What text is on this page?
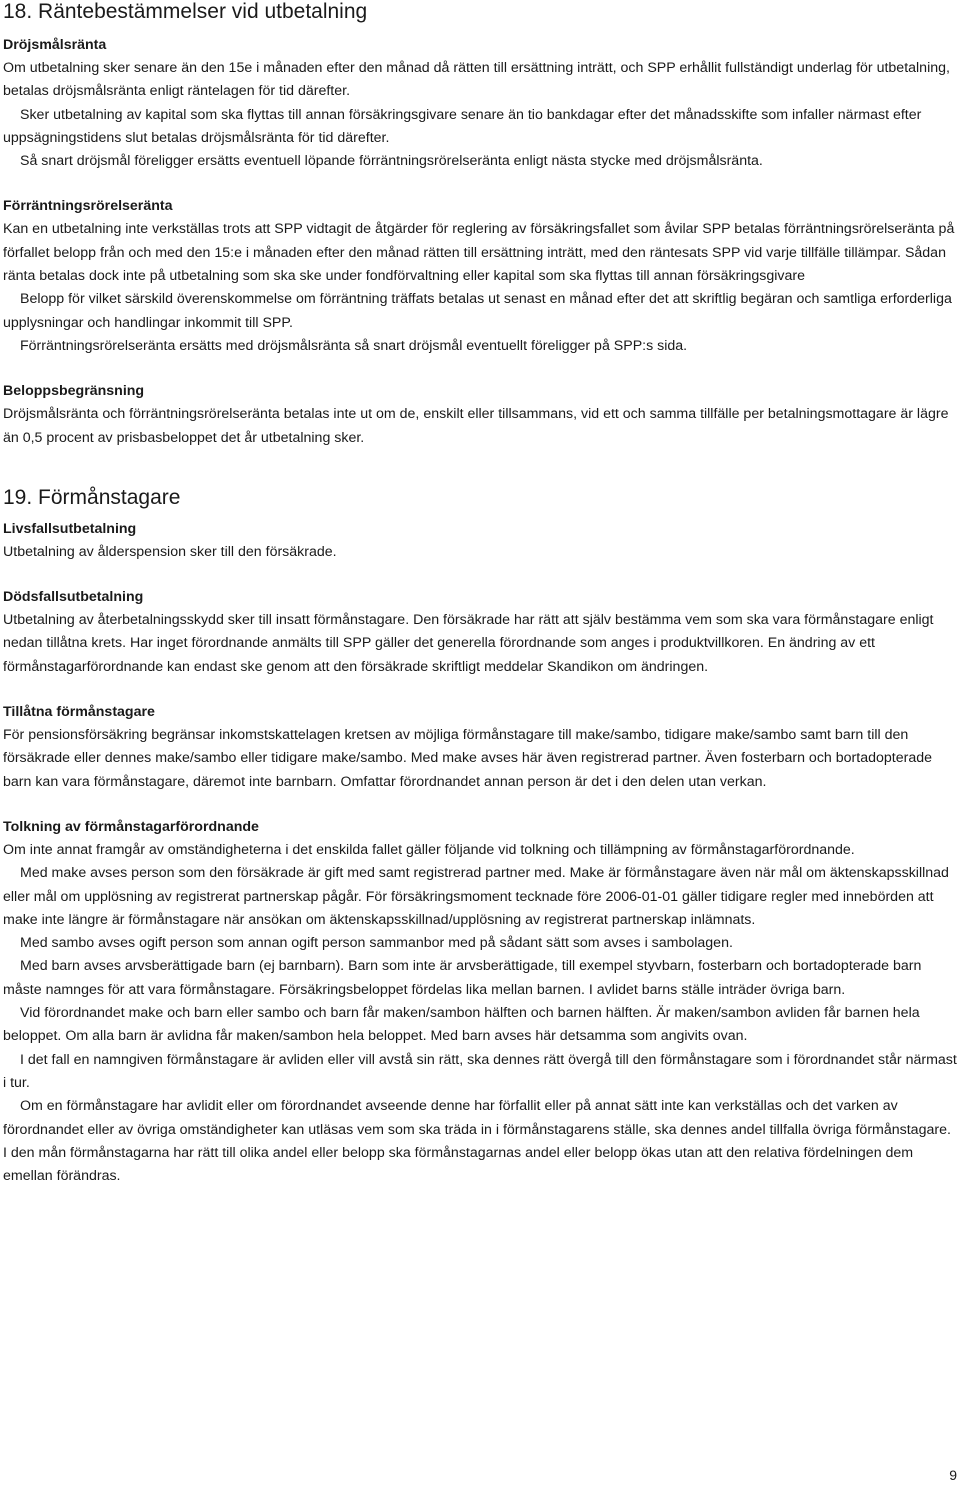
18. Räntebestämmelser vid utbetalning
Dröjsmålsränta

Om utbetalning sker senare än den 15e i månaden efter den månad då rätten till ersättning inträtt, och SPP erhållit fullständigt underlag för utbetalning, betalas dröjsmålsränta enligt räntelagen för tid därefter.

Sker utbetalning av kapital som ska flyttas till annan försäkringsgivare senare än tio bankdagar efter det månadsskifte som infaller närmast efter uppsägningstidens slut betalas dröjsmålsränta för tid därefter.

Så snart dröjsmål föreligger ersätts eventuell löpande förräntningsrörelseränta enligt nästa stycke med dröjsmålsränta.

Förräntningsrörelseränta

Kan en utbetalning inte verkställas trots att SPP vidtagit de åtgärder för reglering av försäkringsfallet som åvilar SPP betalas förräntningsrörelseränta på förfallet belopp från och med den 15:e i månaden efter den månad rätten till ersättning inträtt, med den räntesats SPP vid varje tillfälle tillämpar. Sådan ränta betalas dock inte på utbetalning som ska ske under fondförvaltning eller kapital som ska flyttas till annan försäkringsgivare

Belopp för vilket särskild överenskommelse om förräntning träffats betalas ut senast en månad efter det att skriftlig begäran och samtliga erforderliga upplysningar och handlingar inkommit till SPP.

Förräntningsrörelseränta ersätts med dröjsmålsränta så snart dröjsmål eventuellt föreligger på SPP:s sida.

Beloppsbegränsning

Dröjsmålsränta och förräntningsrörelseränta betalas inte ut om de, enskilt eller tillsammans, vid ett och samma tillfälle per betalningsmottagare är lägre än 0,5 procent av prisbasbeloppet det år utbetalning sker.

19. Förmånstagare
Livsfallsutbetalning

Utbetalning av ålderspension sker till den försäkrade.

Dödsfallsutbetalning

Utbetalning av återbetalningsskydd sker till insatt förmånstagare. Den försäkrade har rätt att själv bestämma vem som ska vara förmånstagare enligt nedan tillåtna krets. Har inget förordnande anmälts till SPP gäller det generella förordnande som anges i produktvillkoren. En ändring av ett förmånstagarförordnande kan endast ske genom att den försäkrade skriftligt meddelar Skandikon om ändringen.

Tillåtna förmånstagare

För pensionsförsäkring begränsar inkomstskattelagen kretsen av möjliga förmånstagare till make/sambo, tidigare make/sambo samt barn till den försäkrade eller dennes make/sambo eller tidigare make/sambo. Med make avses här även registrerad partner. Även fosterbarn och bortadopterade barn kan vara förmånstagare, däremot inte barnbarn. Omfattar förordnandet annan person är det i den delen utan verkan.

Tolkning av förmånstagarförordnande

Om inte annat framgår av omständigheterna i det enskilda fallet gäller följande vid tolkning och tillämpning av förmånstagarförordnande.

Med make avses person som den försäkrade är gift med samt registrerad partner med. Make är förmånstagare även när mål om äktenskapsskillnad eller mål om upplösning av registrerat partnerskap pågår. För försäkringsmoment tecknade före 2006-01-01 gäller tidigare regler med innebörden att make inte längre är förmånstagare när ansökan om äktenskapsskillnad/upplösning av registrerat partnerskap inlämnats.

Med sambo avses ogift person som annan ogift person sammanbor med på sådant sätt som avses i sambolagen.

Med barn avses arvsberättigade barn (ej barnbarn). Barn som inte är arvsberättigade, till exempel styvbarn, fosterbarn och bortadopterade barn måste namnges för att vara förmånstagare. Försäkringsbeloppet fördelas lika mellan barnen. I avlidet barns ställe inträder övriga barn.

Vid förordnandet make och barn eller sambo och barn får maken/sambon hälften och barnen hälften. Är maken/sambon avliden får barnen hela beloppet. Om alla barn är avlidna får maken/sambon hela beloppet. Med barn avses här detsamma som angivits ovan.

I det fall en namngiven förmånstagare är avliden eller vill avstå sin rätt, ska dennes rätt övergå till den förmånstagare som i förordnandet står närmast i tur.

Om en förmånstagare har avlidit eller om förordnandet avseende denne har förfallit eller på annat sätt inte kan verkställas och det varken av förordnandet eller av övriga omständigheter kan utläsas vem som ska träda in i förmånstagarens ställe, ska dennes andel tillfalla övriga förmånstagare. I den mån förmånstagarna har rätt till olika andel eller belopp ska förmånstagarnas andel eller belopp ökas utan att den relativa fördelningen dem emellan förändras.

9
